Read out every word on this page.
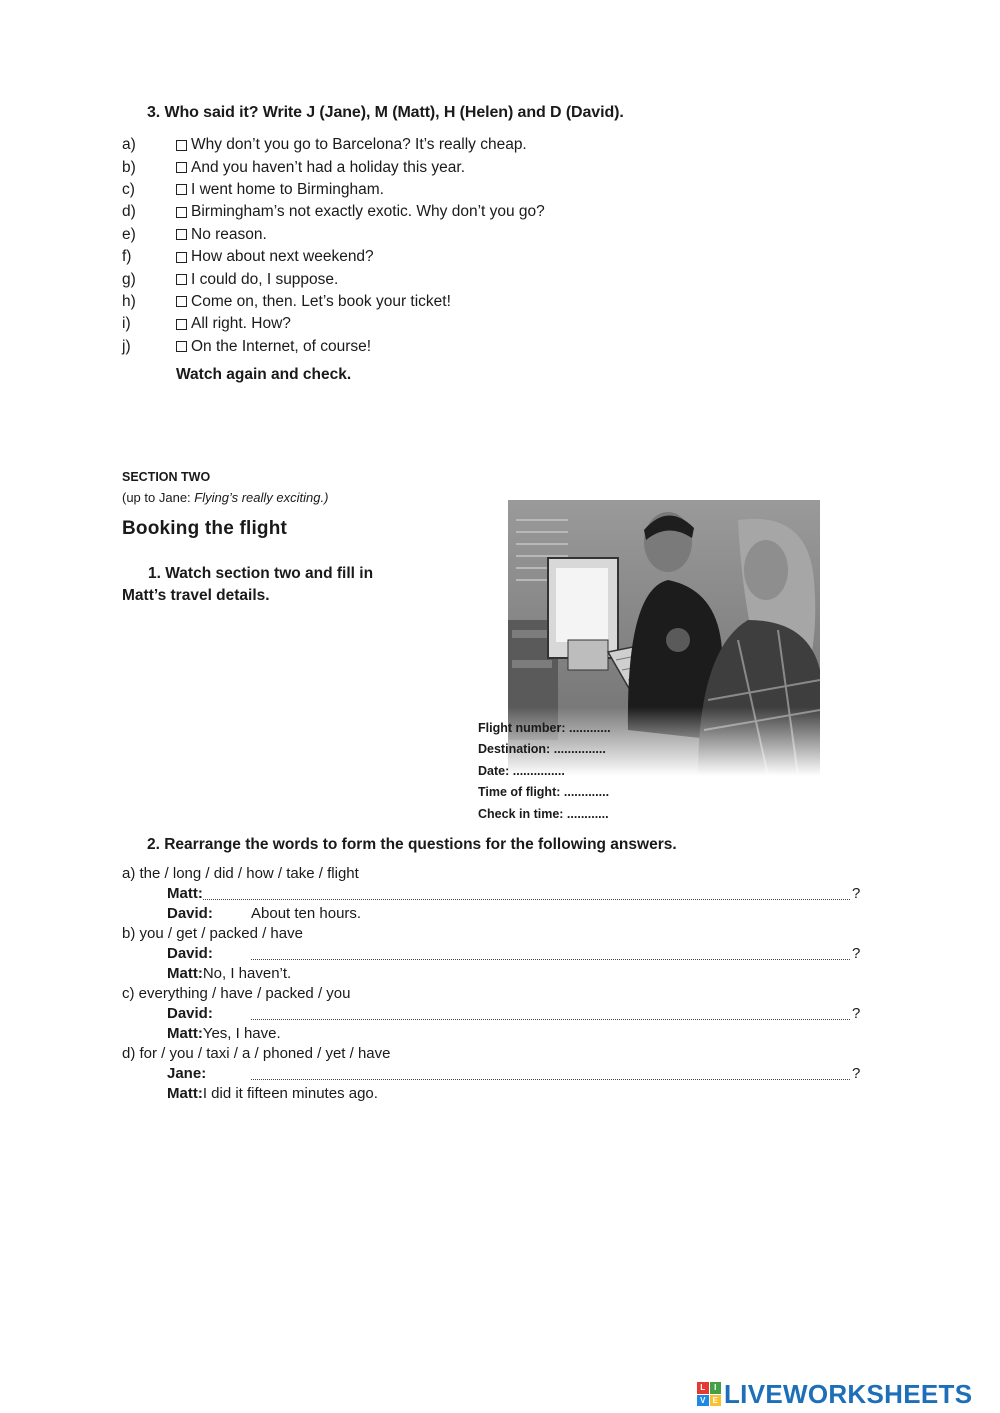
3. Who said it? Write J (Jane), M (Matt), H (Helen) and D (David).
a)	Why don’t you go to Barcelona? It’s really cheap.
b)	And you haven’t had a holiday this year.
c)	I went home to Birmingham.
d)	Birmingham’s not exactly exotic. Why don’t you go?
e)	No reason.
f)	How about next weekend?
g)	I could do, I suppose.
h)	Come on, then. Let’s book your ticket!
i)	All right. How?
j)	On the Internet, of course!
Watch again and check.
SECTION TWO
(up to Jane: Flying’s really exciting.)
Booking the flight
1. Watch section two and fill in
Matt’s travel details.
Flight number:
............
Destination:
...............
Date:
...............
Time of flight:
.............
Check in time:
............
2. Rearrange the words to form the questions for the following answers.
a) the / long / did / how / take / flight
Matt:	?
David:	About ten hours.
b) you / get / packed / have
David:	?
Matt: No, I haven’t.
c) everything / have / packed / you
David:	?
Matt: Yes, I have.
d) for / you / taxi / a / phoned / yet / have
Jane:	?
Matt: I did it fifteen minutes ago.
L	I
V E LIVEWORKSHEETS
